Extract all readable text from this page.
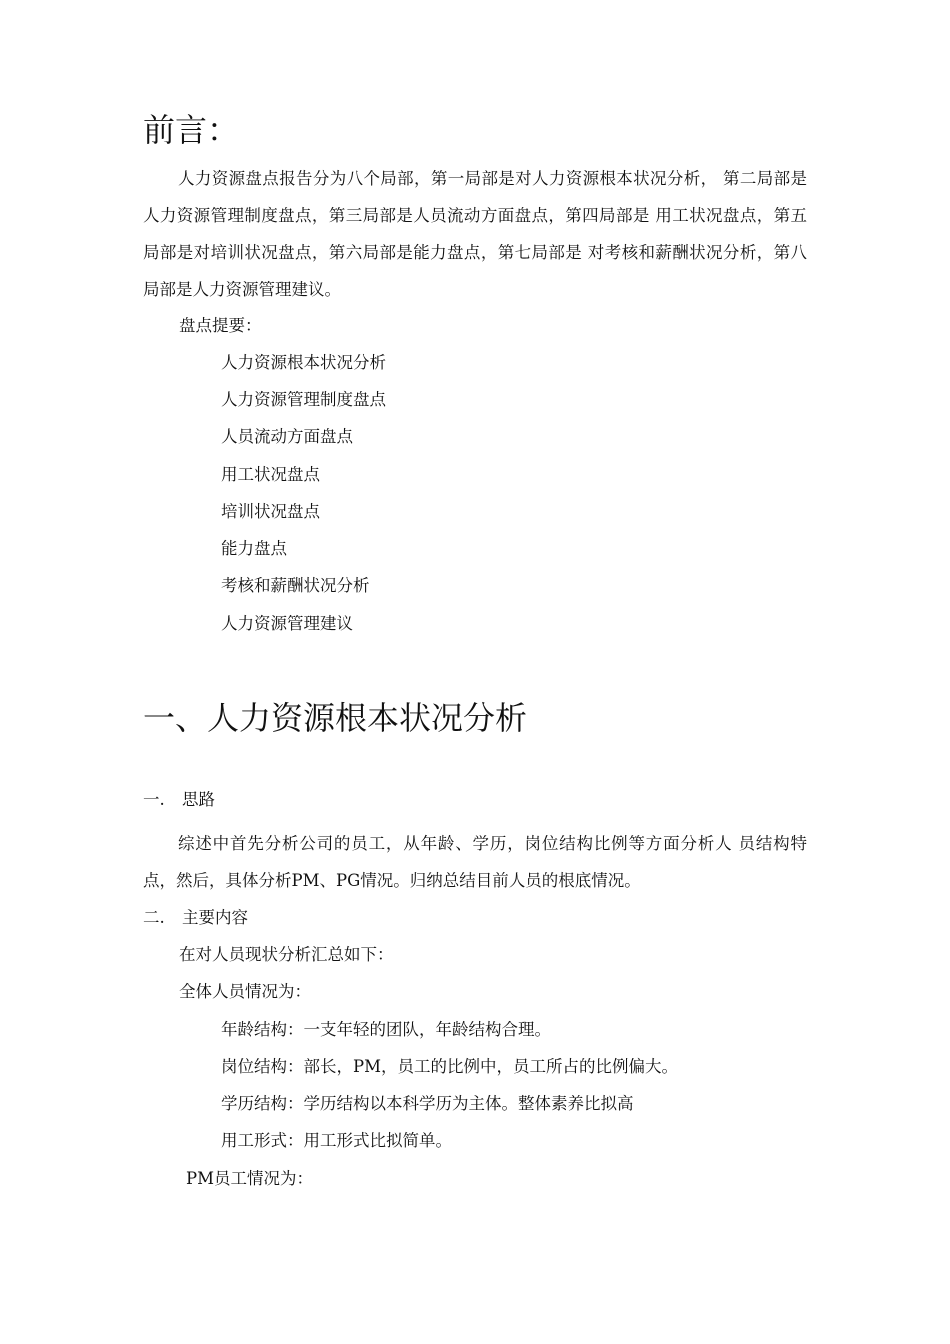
前言：
人力资源盘点报告分为八个局部，第一局部是对人力资源根本状况分析， 第二局部是人力资源管理制度盘点，第三局部是人员流动方面盘点，第四局部是 用工状况盘点，第五局部是对培训状况盘点，第六局部是能力盘点，第七局部是 对考核和薪酬状况分析，第八局部是人力资源管理建议。
盘点提要：
人力资源根本状况分析
人力资源管理制度盘点
人员流动方面盘点
用工状况盘点
培训状况盘点
能力盘点
考核和薪酬状况分析
人力资源管理建议
一、人力资源根本状况分析
一. 思路
综述中首先分析公司的员工，从年龄、学历，岗位结构比例等方面分析人 员结构特点，然后，具体分析PM、PG情况。归纳总结目前人员的根底情况。
二. 主要内容
在对人员现状分析汇总如下：
全体人员情况为：
年龄结构：一支年轻的团队，年龄结构合理。
岗位结构：部长，PM，员工的比例中，员工所占的比例偏大。
学历结构：学历结构以本科学历为主体。整体素养比拟高
用工形式：用工形式比拟简单。
PM员工情况为：
